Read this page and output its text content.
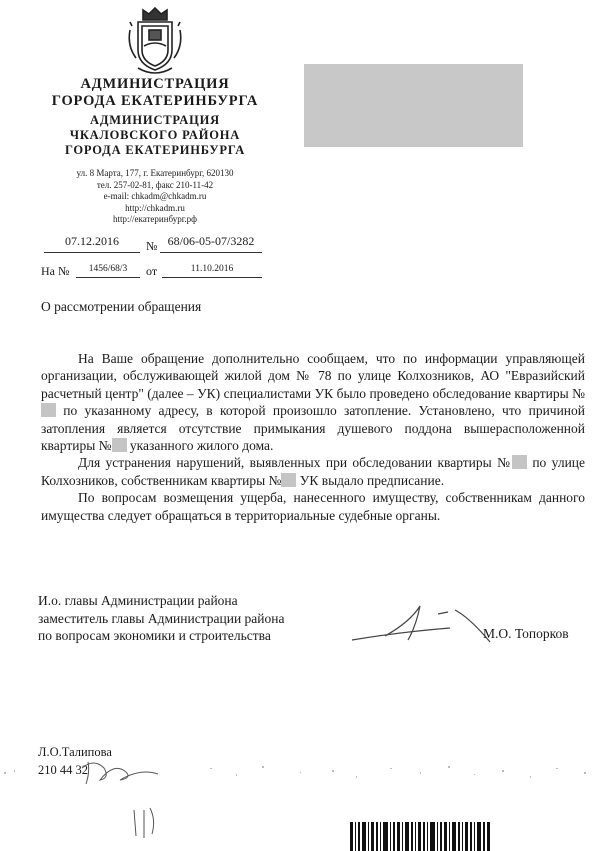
АДМИНИСТРАЦИЯ
ГОРОДА ЕКАТЕРИНБУРГА
АДМИНИСТРАЦИЯ
ЧКАЛОВСКОГО РАЙОНА
ГОРОДА ЕКАТЕРИНБУРГА
ул. 8 Марта, 177, г. Екатеринбург, 620130
тел. 257-02-81, факс 210-11-42
e-mail: chkadm@chkadm.ru
http://chkadm.ru
http://екатеринбург.рф
07.12.2016	№ 68/06-05-07/3282
На №	1456/68/3	от	11.10.2016
О рассмотрении обращения

На Ваше обращение дополнительно сообщаем, что по информации управляющей организации, обслуживающей жилой дом № 78 по улице Колхозников, АО "Евразийский расчетный центр" (далее – УК) специалистами УК было проведено обследование квартиры № по указанному адресу, в которой произошло затопление. Установлено, что причиной затопления является отсутствие примыкания душевого поддона вышерасположенной квартиры № указанного жилого дома.

Для устранения нарушений, выявленных при обследовании квартиры № по улице Колхозников, собственникам квартиры № УК выдало предписание.

По вопросам возмещения ущерба, нанесенного имуществу, собственникам данного имущества следует обращаться в территориальные судебные органы.

И.о. главы Администрации района
заместитель главы Администрации района
по вопросам экономики и строительства	М.О. Топорков
Л.О.Талипова
210 44 32
